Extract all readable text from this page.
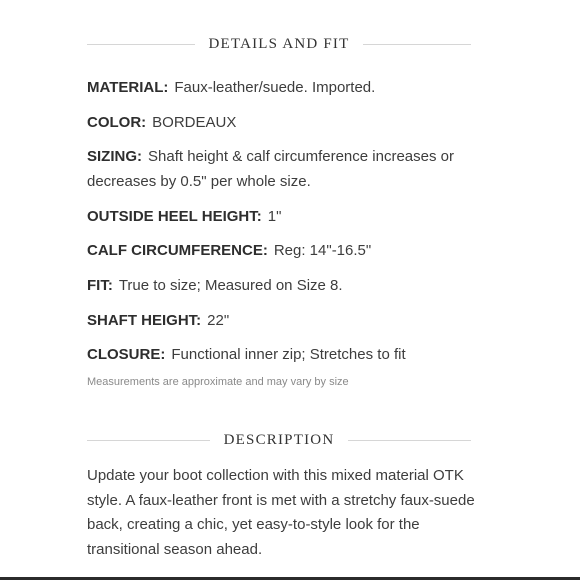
DETAILS AND FIT
MATERIAL: Faux-leather/suede. Imported.
COLOR: BORDEAUX
SIZING: Shaft height & calf circumference increases or decreases by 0.5" per whole size.
OUTSIDE HEEL HEIGHT: 1"
CALF CIRCUMFERENCE: Reg: 14"-16.5"
FIT: True to size; Measured on Size 8.
SHAFT HEIGHT: 22"
CLOSURE: Functional inner zip; Stretches to fit
Measurements are approximate and may vary by size
DESCRIPTION
Update your boot collection with this mixed material OTK style. A faux-leather front is met with a stretchy faux-suede back, creating a chic, yet easy-to-style look for the transitional season ahead.
